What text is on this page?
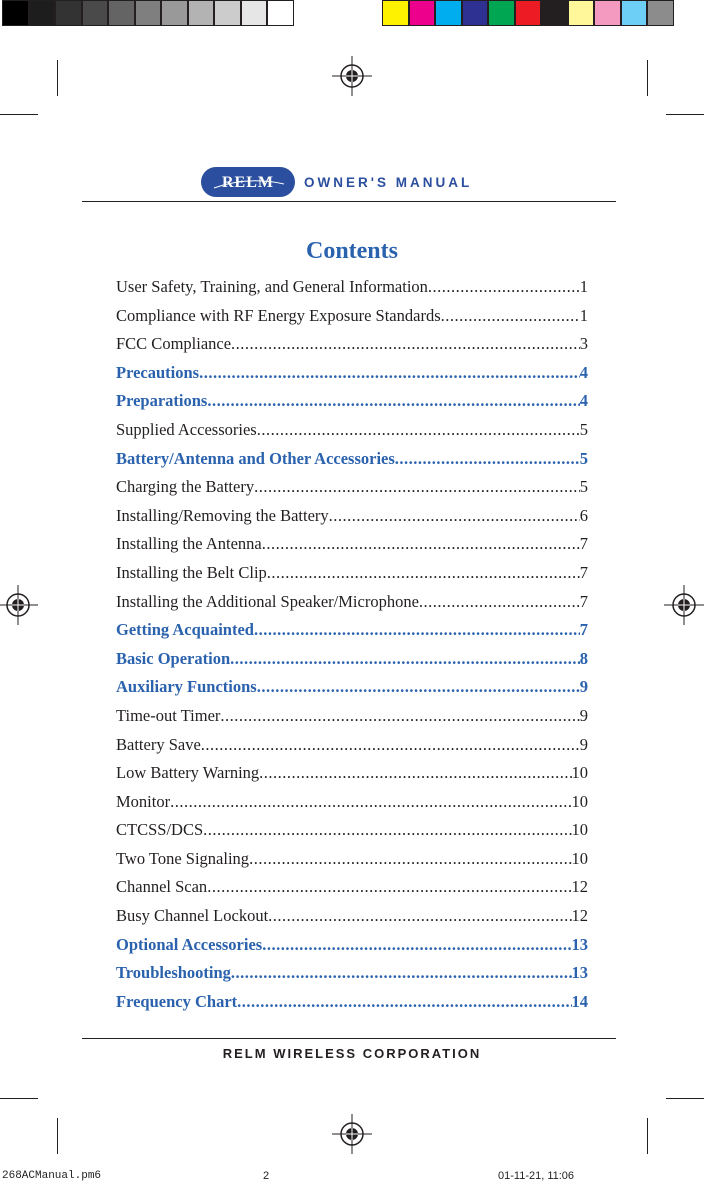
RELM OWNER'S MANUAL
Contents
User Safety, Training, and General Information .....	1
Compliance with RF Energy Exposure Standards .....	1
FCC Compliance .....	3
Precautions .....	4
Preparations .....	4
Supplied Accessories .....	5
Battery/Antenna and Other Accessories .....	5
Charging the Battery .....	5
Installing/Removing the Battery .....	6
Installing the Antenna .....	7
Installing the Belt Clip .....	7
Installing the Additional Speaker/Microphone .....	7
Getting Acquainted .....	7
Basic Operation .....	8
Auxiliary Functions .....	9
Time-out Timer .....	9
Battery Save .....	9
Low Battery Warning .....	10
Monitor .....	10
CTCSS/DCS .....	10
Two Tone Signaling .....	10
Channel Scan .....	12
Busy Channel Lockout .....	12
Optional Accessories .....	13
Troubleshooting .....	13
Frequency Chart .....	14
RELM WIRELESS CORPORATION
268ACManual.pm6	2	01-11-21, 11:06
